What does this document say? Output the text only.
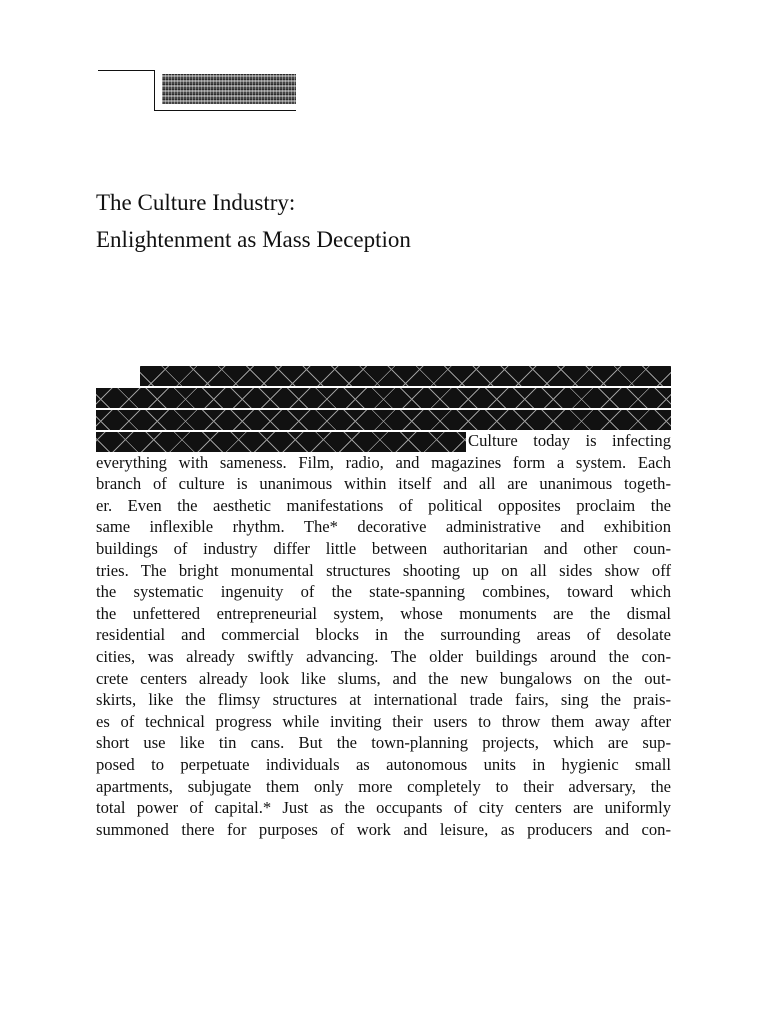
The Culture Industry:
Enlightenment as Mass Deception
Culture today is infecting
everything with sameness. Film, radio, and magazines form a system. Each
branch of culture is unanimous within itself and all are unanimous togeth-
er. Even the aesthetic manifestations of political opposites proclaim the
same inflexible rhythm. The* decorative administrative and exhibition
buildings of industry differ little between authoritarian and other coun-
tries. The bright monumental structures shooting up on all sides show off
the systematic ingenuity of the state-spanning combines, toward which
the unfettered entrepreneurial system, whose monuments are the dismal
residential and commercial blocks in the surrounding areas of desolate
cities, was already swiftly advancing. The older buildings around the con-
crete centers already look like slums, and the new bungalows on the out-
skirts, like the flimsy structures at international trade fairs, sing the prais-
es of technical progress while inviting their users to throw them away after
short use like tin cans. But the town-planning projects, which are sup-
posed to perpetuate individuals as autonomous units in hygienic small
apartments, subjugate them only more completely to their adversary, the
total power of capital.* Just as the occupants of city centers are uniformly
summoned there for purposes of work and leisure, as producers and con-
